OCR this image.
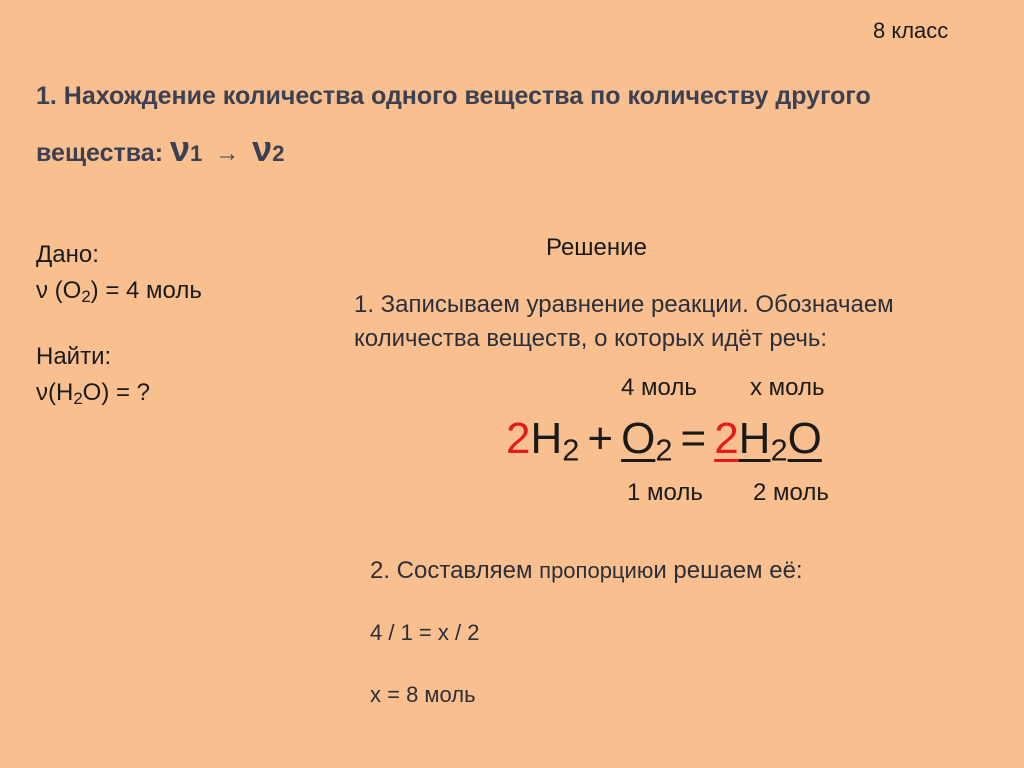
8 класс
1. Нахождение количества одного вещества по количеству другого
вещества: ν1 → ν2
Дано:
ν $(O_2) = 4$ моль
Найти:
$\nu(H_2O)$ = ?
Решение
1. Записываем уравнение реакции. Обозначаем
количества веществ, о которых идёт речь:
4 моль x моль
$2H_2 + O_2 = 2H_2O$
1 моль 2 моль
2. Составляем пропорциюи решаем её:
4 / 1 = x / 2
x = 8 моль
